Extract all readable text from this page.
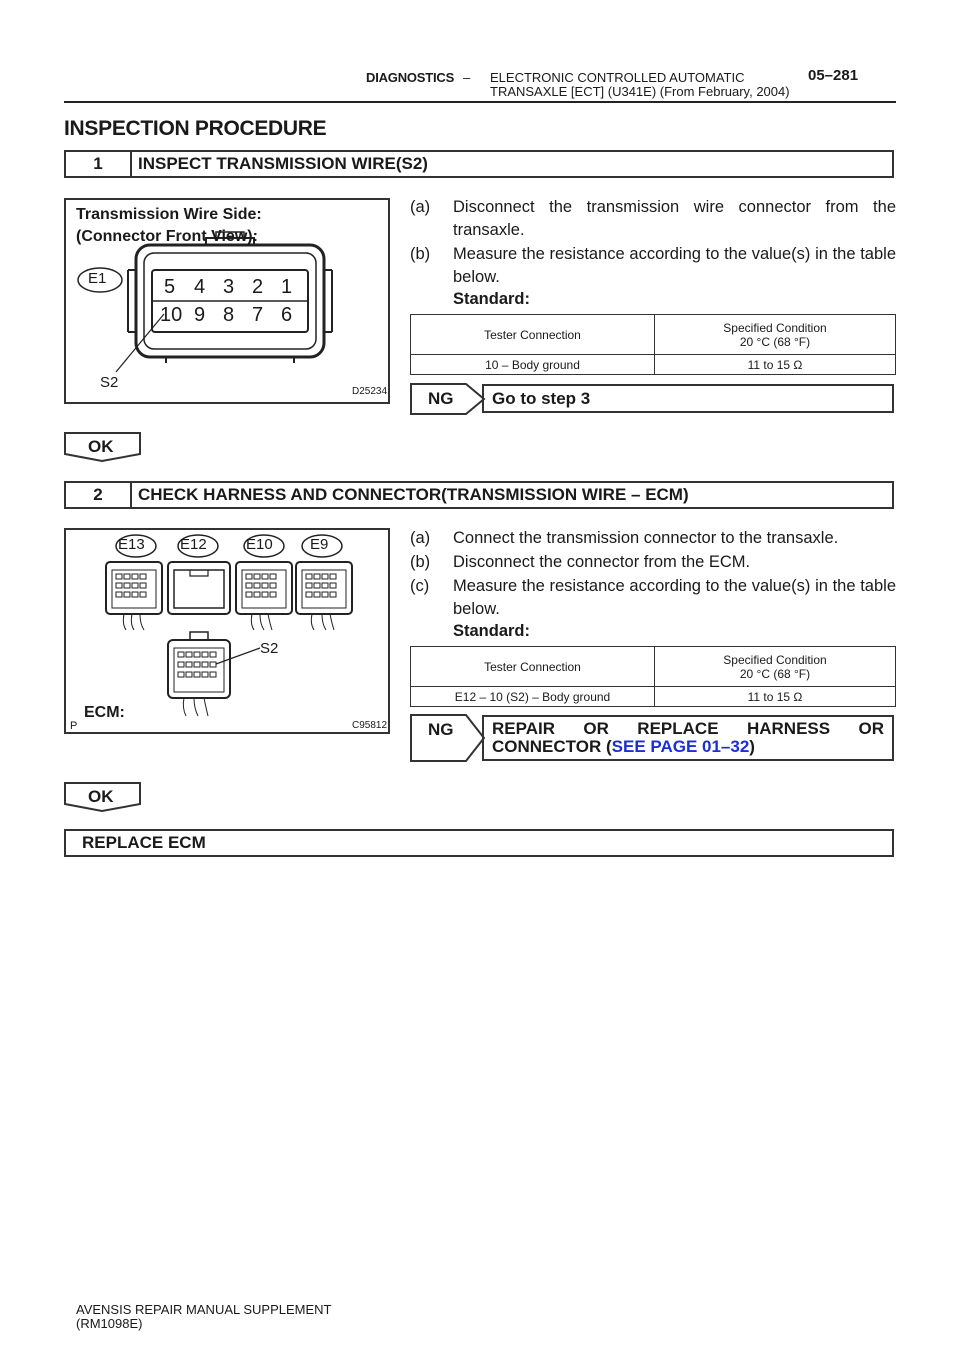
DIAGNOSTICS – ELECTRONIC CONTROLLED AUTOMATIC
TRANSAXLE [ECT] (U341E) (From February, 2004)
05–281
INSPECTION PROCEDURE
1	INSPECT TRANSMISSION WIRE(S2)
Transmission Wire Side:
(Connector Front View):
E1	5 4 3 2 1
10 9 8 7 6
S2
D25234
(a) Disconnect the transmission wire connector from the transaxle.
(b) Measure the resistance according to the value(s) in the table below.
Standard:
Tester Connection	Specified Condition
20 °C (68 °F)

10 – Body ground	11 to 15 Ω
NG	Go to step 3
OK
2	CHECK HARNESS AND CONNECTOR(TRANSMISSION WIRE – ECM)
E13 E12	E10 E9
S2
ECM:
P	C95812
(a) Connect the transmission connector to the transaxle.
(b) Disconnect the connector from the ECM.
(c) Measure the resistance according to the value(s) in the table below.
Standard:
Tester Connection	Specified Condition
20 °C (68 °F)

E12 – 10 (S2) – Body ground	11 to 15 Ω
NG REPAIR OR REPLACE HARNESS OR
CONNECTOR (SEE PAGE 01–32)
OK
REPLACE ECM
AVENSIS REPAIR MANUAL SUPPLEMENT
(RM1098E)
